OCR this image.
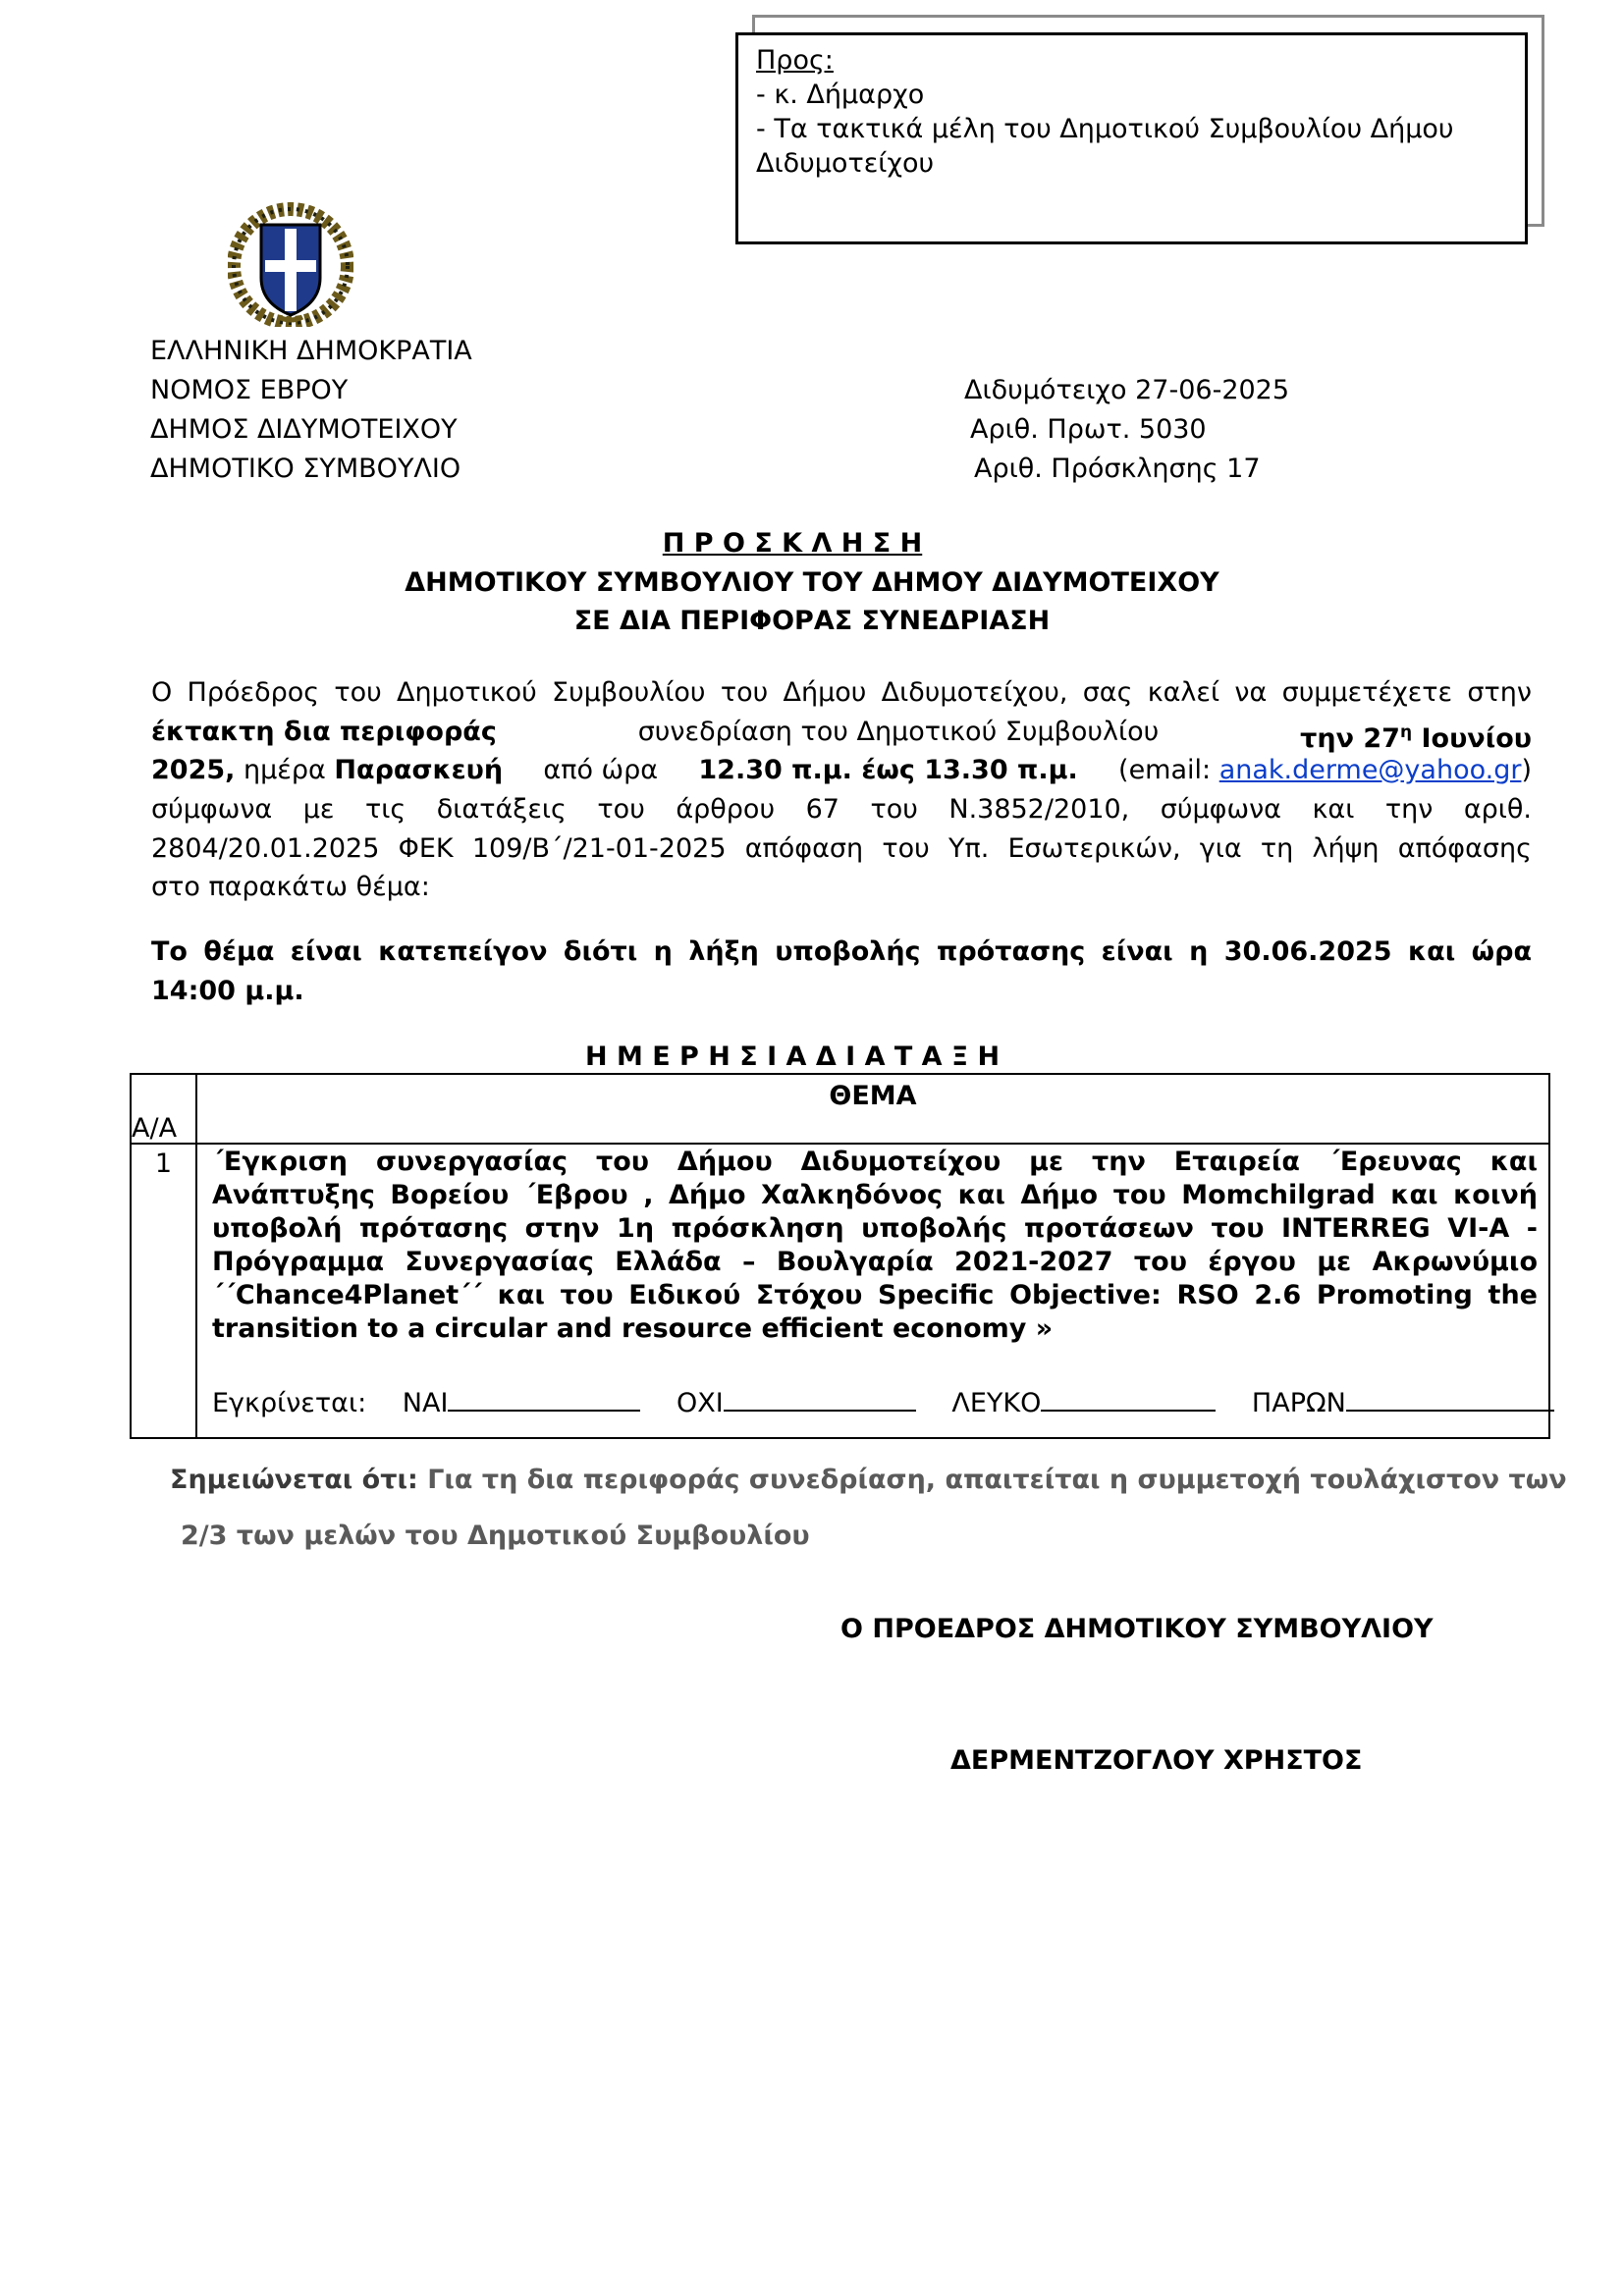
Προς:
- κ. Δήμαρχο
- Τα τακτικά μέλη του Δημοτικού Συμβουλίου Δήμου Διδυμοτείχου
ΕΛΛΗΝΙΚΗ ΔΗΜΟΚΡΑΤΙΑ
ΝΟΜΟΣ ΕΒΡΟΥ
ΔΗΜΟΣ ΔΙΔΥΜΟΤΕΙΧΟΥ
ΔΗΜΟΤΙΚΟ ΣΥΜΒΟΥΛΙΟ
Διδυμότειχο 27-06-2025
Αριθ. Πρωτ. 5030
Αριθ. Πρόσκλησης 17
Π Ρ Ο Σ Κ Λ Η Σ Η
ΔΗΜΟΤΙΚΟΥ ΣΥΜΒΟΥΛΙΟΥ ΤΟΥ ΔΗΜΟΥ ΔΙΔΥΜΟΤΕΙΧΟΥ
ΣΕ ΔΙΑ ΠΕΡΙΦΟΡΑΣ ΣΥΝΕΔΡΙΑΣΗ
Ο Πρόεδρος του Δημοτικού Συμβουλίου του Δήμου Διδυμοτείχου, σας καλεί να συμμετέχετε στην
έκτακτη δια περιφοράς	συνεδρίαση του Δημοτικού Συμβουλίου	την $27^\eta$ Ιουνίου
2025, ημέρα Παρασκευή από ώρα 12.30 π.μ. έως 13.30 π.μ. (email: anak.derme@yahoo.gr)
σύμφωνα με τις διατάξεις του άρθρου 67 του Ν.3852/2010, σύμφωνα και την αριθ.
2804/20.01.2025 ΦΕΚ 109/Β΄/21-01-2025 απόφαση του Υπ. Εσωτερικών, για τη λήψη απόφασης
στο παρακάτω θέμα:
Το θέμα είναι κατεπείγον διότι η λήξη υποβολής πρότασης είναι η 30.06.2025 και ώρα
14:00 μ.μ.
Η Μ Ε Ρ Η Σ Ι Α Δ Ι Α Τ Α Ξ Η
Α/Α
ΘΕΜΑ
1	΄Εγκριση συνεργασίας του Δήμου Διδυμοτείχου με την Εταιρεία ΄Ερευνας και
Ανάπτυξης Βορείου ΄Εβρου , Δήμο Χαλκηδόνος και Δήμο του Momchilgrad και κοινή
υποβολή πρότασης στην 1η πρόσκληση υποβολής προτάσεων του INTERREG VI-A -
Πρόγραμμα Συνεργασίας Ελλάδα – Βουλγαρία 2021-2027 του έργου με Ακρωνύμιο
΄΄Chance4Planet΄΄ και του Ειδικού Στόχου Specific Objective: RSO 2.6 Promoting the
transition to a circular and resource efficient economy »
Εγκρίνεται: ΝΑΙ	ΟΧΙ	ΛΕΥΚΟ	ΠΑΡΩΝ
Σημειώνεται ότι: Για τη δια περιφοράς συνεδρίαση, απαιτείται η συμμετοχή τουλάχιστον των
2/3 των μελών του Δημοτικού Συμβουλίου
Ο ΠΡΟΕΔΡΟΣ ΔΗΜΟΤΙΚΟΥ ΣΥΜΒΟΥΛΙΟΥ
ΔΕΡΜΕΝΤΖΟΓΛΟΥ ΧΡΗΣΤΟΣ
